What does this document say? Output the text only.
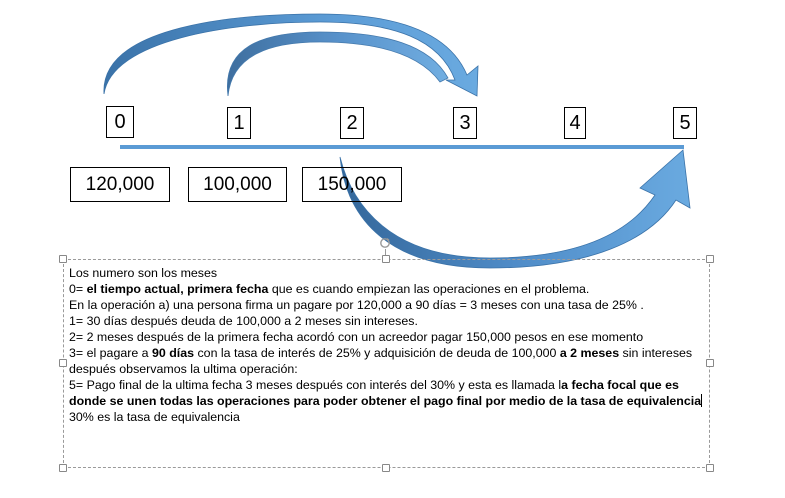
0	1	2	3	4	5
120,000	100,000	150,000
Los numero son los meses
0= el tiempo actual, primera fecha que es cuando empiezan las operaciones en el problema.
En la operación a) una persona firma un pagare por 120,000 a 90 días = 3 meses con una tasa de 25% .
1= 30 días después deuda de 100,000 a 2 meses sin intereses.
2= 2 meses después de la primera fecha acordó con un acreedor pagar 150,000 pesos en ese momento
3= el pagare a 90 días con la tasa de interés de 25% y adquisición de deuda de 100,000 a 2 meses sin intereses
después observamos la ultima operación:
5= Pago final de la ultima fecha 3 meses después con interés del 30% y esta es llamada la fecha focal que es
donde se unen todas las operaciones para poder obtener el pago final por medio de la tasa de equivalencia
30% es la tasa de equivalencia
